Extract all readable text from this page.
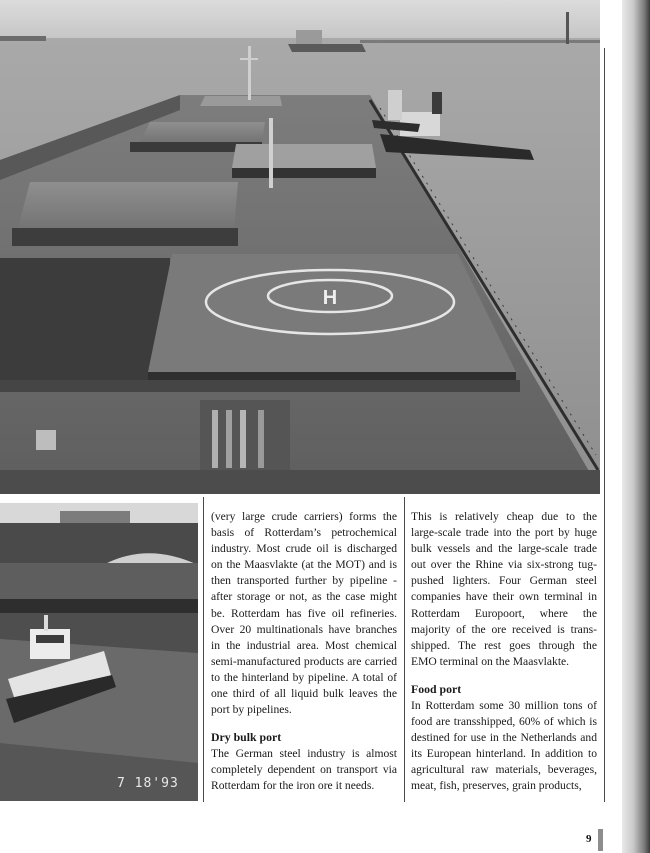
H
7 18'93

(very large crude carriers) forms the basis of Rotterdam’s petrochemical industry. Most crude oil is discharged on the Maasvlakte (at the MOT) and is then transported further by pipeline - after storage or not, as the case might be. Rotterdam has five oil refineries. Over 20 multinationals have branches in the industrial area. Most chemical semi-manufactured products are carried to the hinterland by pipeline. A total of one third of all liquid bulk leaves the port by pipelines.

Dry bulk port

The German steel industry is almost completely dependent on transport via Rotterdam for the iron ore it needs.

This is relatively cheap due to the large-scale trade into the port by huge bulk vessels and the large-scale trade out over the Rhine via six-strong tug-pushed lighters. Four German steel companies have their own terminal in Rotterdam Europoort, where the majority of the ore received is trans-shipped. The rest goes through the EMO terminal on the Maasvlakte.

Food port

In Rotterdam some 30 million tons of food are transshipped, 60% of which is destined for use in the Netherlands and its European hinterland. In addition to agricultural raw materials, beverages, meat, fish, preserves, grain products,

9
